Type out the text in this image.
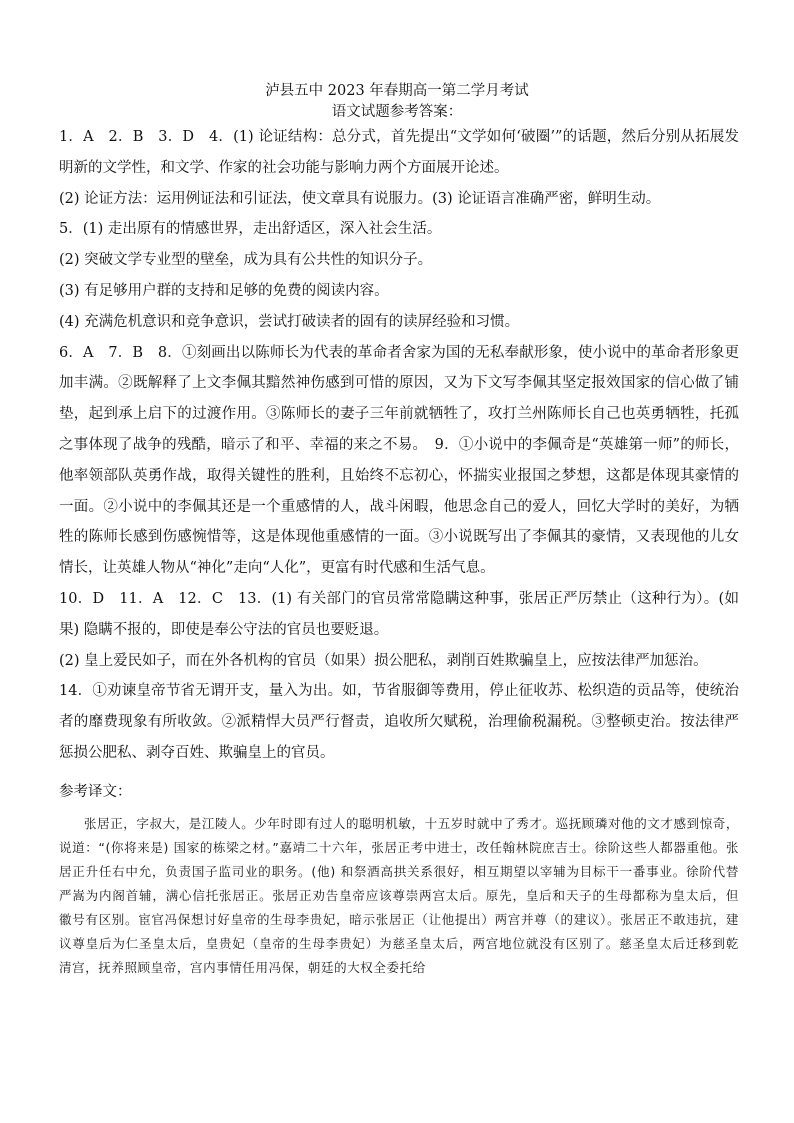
泸县五中 2023 年春期高一第二学月考试
语文试题参考答案：

1．A　2．B　3．D　4．(1) 论证结构：总分式，首先提出“文学如何‘破圈’”的话题，然后分别从拓展发明新的文学性，和文学、作家的社会功能与影响力两个方面展开论述。

(2) 论证方法：运用例证法和引证法，使文章具有说服力。(3) 论证语言准确严密，鲜明生动。

5．(1) 走出原有的情感世界，走出舒适区，深入社会生活。

(2) 突破文学专业型的壁垒，成为具有公共性的知识分子。

(3) 有足够用户群的支持和足够的免费的阅读内容。

(4) 充满危机意识和竞争意识，尝试打破读者的固有的读屏经验和习惯。

6．A　7．B　8．①刻画出以陈师长为代表的革命者舍家为国的无私奉献形象，使小说中的革命者形象更加丰满。②既解释了上文李佩其黯然神伤感到可惜的原因，又为下文写李佩其坚定报效国家的信心做了铺垫，起到承上启下的过渡作用。③陈师长的妻子三年前就牺牲了，攻打兰州陈师长自己也英勇牺牲，托孤之事体现了战争的残酷，暗示了和平、幸福的来之不易。　9．①小说中的李佩奇是“英雄第一师”的师长，他率领部队英勇作战，取得关键性的胜利，且始终不忘初心，怀揣实业报国之梦想，这都是体现其豪情的一面。②小说中的李佩其还是一个重感情的人，战斗闲暇，他思念自己的爱人，回忆大学时的美好，为牺牲的陈师长感到伤感惋惜等，这是体现他重感情的一面。③小说既写出了李佩其的豪情，又表现他的儿女情长，让英雄人物从“神化”走向“人化”，更富有时代感和生活气息。

10．D　11．A　12．C　13．(1) 有关部门的官员常常隐瞒这种事，张居正严厉禁止（这种行为）。(如果) 隐瞒不报的，即使是奉公守法的官员也要贬退。

(2) 皇上爱民如子，而在外各机构的官员（如果）损公肥私，剥削百姓欺骗皇上，应按法律严加惩治。

14．①劝谏皇帝节省无谓开支，量入为出。如，节省服御等费用，停止征收苏、松织造的贡品等，使统治者的靡费现象有所收敛。②派精悍大员严行督责，追收所欠赋税，治理偷税漏税。③整顿吏治。按法律严惩损公肥私、剥夺百姓、欺骗皇上的官员。

参考译文：

张居正，字叔大，是江陵人。少年时即有过人的聪明机敏，十五岁时就中了秀才。巡抚顾璘对他的文才感到惊奇，说道：“(你将来是) 国家的栋梁之材。”嘉靖二十六年，张居正考中进士，改任翰林院庶吉士。徐阶这些人都器重他。张居正升任右中允，负责国子监司业的职务。(他) 和祭酒高拱关系很好，相互期望以宰辅为目标干一番事业。徐阶代替严嵩为内阁首辅，满心信托张居正。张居正劝告皇帝应该尊崇两宫太后。原先，皇后和天子的生母都称为皇太后，但徽号有区别。宦官冯保想讨好皇帝的生母李贵妃，暗示张居正（让他提出）两宫并尊（的建议）。张居正不敢违抗，建议尊皇后为仁圣皇太后，皇贵妃（皇帝的生母李贵妃）为慈圣皇太后，两宫地位就没有区别了。慈圣皇太后迁移到乾清宫，抚养照顾皇帝，宫内事情任用冯保，朝廷的大权全委托给
